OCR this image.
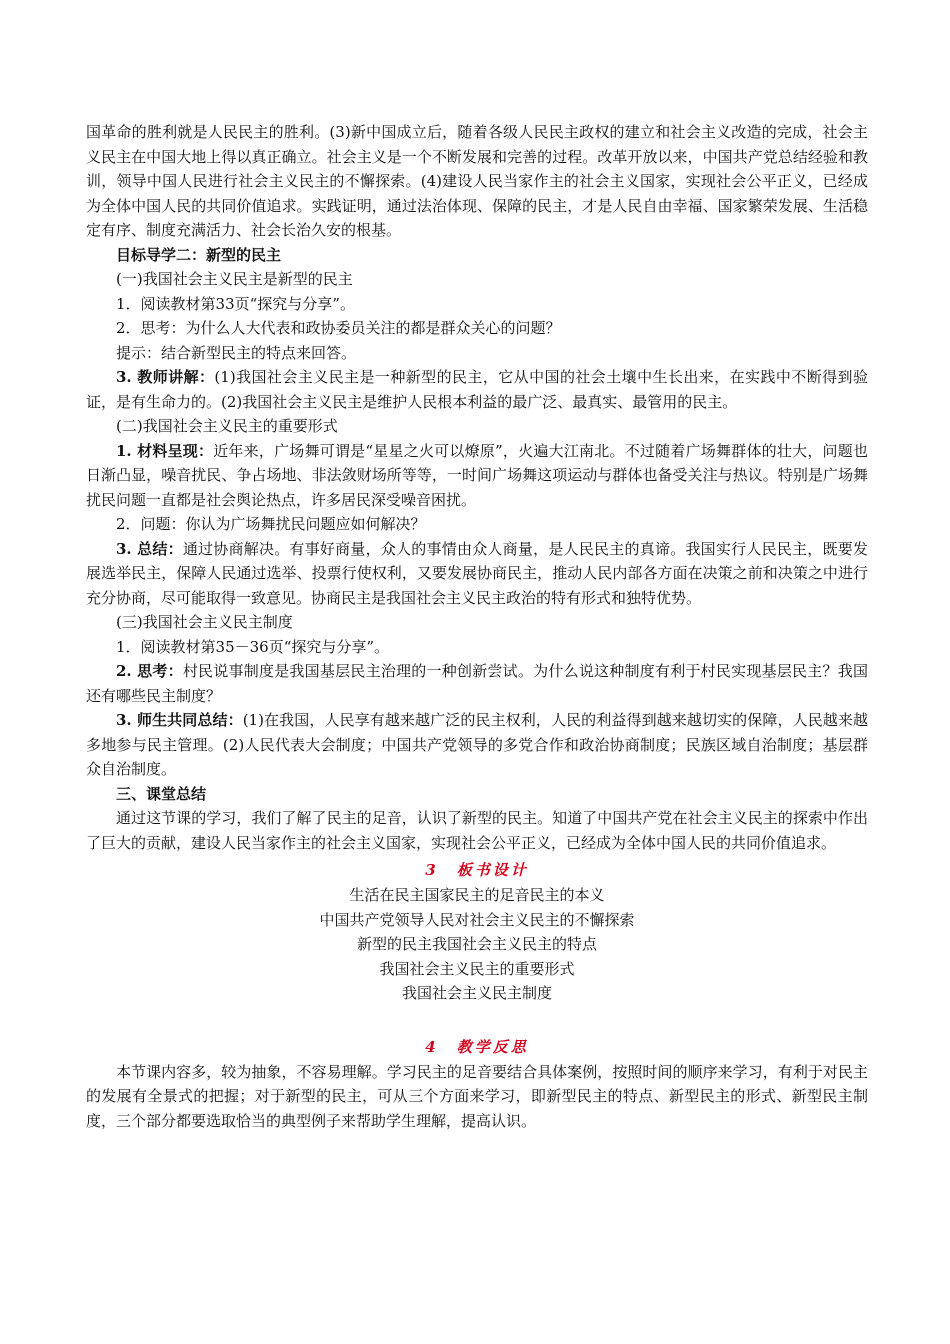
国革命的胜利就是人民民主的胜利。(3)新中国成立后，随着各级人民民主政权的建立和社会主义改造的完成，社会主义民主在中国大地上得以真正确立。社会主义是一个不断发展和完善的过程。改革开放以来，中国共产党总结经验和教训，领导中国人民进行社会主义民主的不懈探索。(4)建设人民当家作主的社会主义国家，实现社会公平正义，已经成为全体中国人民的共同价值追求。实践证明，通过法治体现、保障的民主，才是人民自由幸福、国家繁荣发展、生活稳定有序、制度充满活力、社会长治久安的根基。

目标导学二：新型的民主

(一)我国社会主义民主是新型的民主

1．阅读教材第33页“探究与分享”。

2．思考：为什么人大代表和政协委员关注的都是群众关心的问题？

提示：结合新型民主的特点来回答。

3. 教师讲解：(1)我国社会主义民主是一种新型的民主，它从中国的社会土壤中生长出来，在实践中不断得到验证，是有生命力的。(2)我国社会主义民主是维护人民根本利益的最广泛、最真实、最管用的民主。

(二)我国社会主义民主的重要形式

1. 材料呈现：近年来，广场舞可谓是“星星之火可以燎原”，火遍大江南北。不过随着广场舞群体的壮大，问题也日渐凸显，噪音扰民、争占场地、非法敛财场所等等，一时间广场舞这项运动与群体也备受关注与热议。特别是广场舞扰民问题一直都是社会舆论热点，许多居民深受噪音困扰。

2．问题：你认为广场舞扰民问题应如何解决？

3. 总结：通过协商解决。有事好商量，众人的事情由众人商量，是人民民主的真谛。我国实行人民民主，既要发展选举民主，保障人民通过选举、投票行使权利，又要发展协商民主，推动人民内部各方面在决策之前和决策之中进行充分协商，尽可能取得一致意见。协商民主是我国社会主义民主政治的特有形式和独特优势。

(三)我国社会主义民主制度

1．阅读教材第35－36页“探究与分享”。

2. 思考：村民说事制度是我国基层民主治理的一种创新尝试。为什么说这种制度有利于村民实现基层民主？我国还有哪些民主制度？

3. 师生共同总结：(1)在我国，人民享有越来越广泛的民主权利，人民的利益得到越来越切实的保障，人民越来越多地参与民主管理。(2)人民代表大会制度；中国共产党领导的多党合作和政治协商制度；民族区域自治制度；基层群众自治制度。

三、课堂总结

通过这节课的学习，我们了解了民主的足音，认识了新型的民主。知道了中国共产党在社会主义民主的探索中作出了巨大的贡献，建设人民当家作主的社会主义国家，实现社会公平正义，已经成为全体中国人民的共同价值追求。

3　板书设计

生活在民主国家民主的足音民主的本义

中国共产党领导人民对社会主义民主的不懈探索

新型的民主我国社会主义民主的特点

我国社会主义民主的重要形式

我国社会主义民主制度

4　教学反思

本节课内容多，较为抽象，不容易理解。学习民主的足音要结合具体案例，按照时间的顺序来学习，有利于对民主的发展有全景式的把握；对于新型的民主，可从三个方面来学习，即新型民主的特点、新型民主的形式、新型民主制度，三个部分都要选取恰当的典型例子来帮助学生理解，提高认识。
